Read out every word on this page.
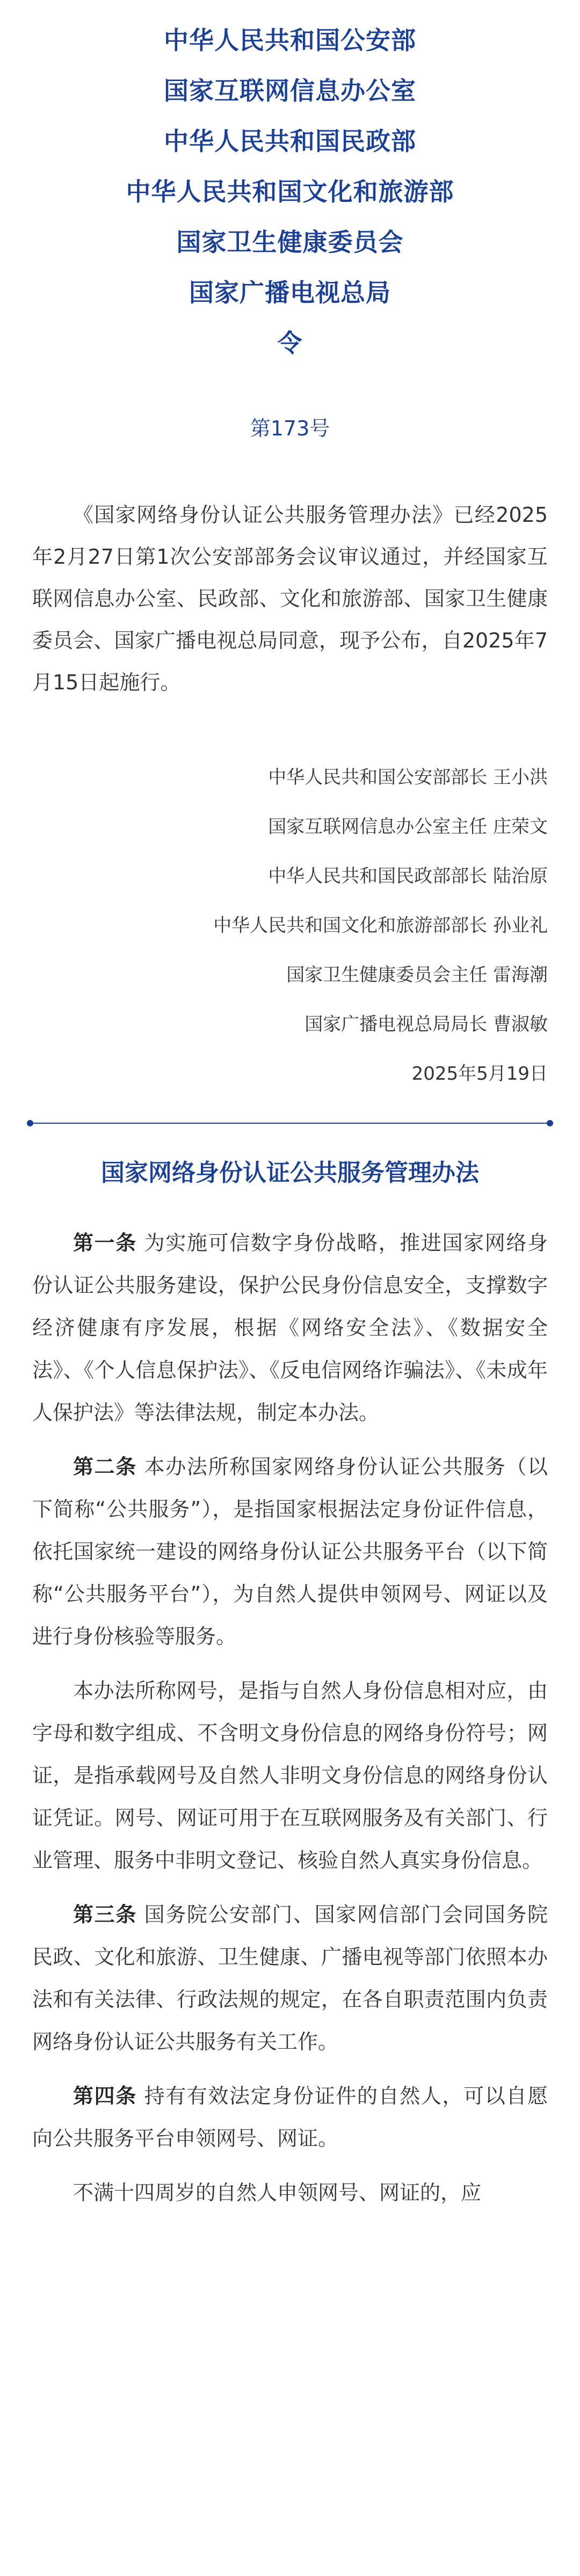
中华人民共和国公安部
国家互联网信息办公室
中华人民共和国民政部
中华人民共和国文化和旅游部
国家卫生健康委员会
国家广播电视总局
令
第173号

《国家网络身份认证公共服务管理办法》已经2025年2月27日第1次公安部部务会议审议通过，并经国家互联网信息办公室、民政部、文化和旅游部、国家卫生健康委员会、国家广播电视总局同意，现予公布，自2025年7月15日起施行。

中华人民共和国公安部部长 王小洪
国家互联网信息办公室主任 庄荣文
中华人民共和国民政部部长 陆治原
中华人民共和国文化和旅游部部长 孙业礼
国家卫生健康委员会主任 雷海潮
国家广播电视总局局长 曹淑敏
2025年5月19日
国家网络身份认证公共服务管理办法

第一条 为实施可信数字身份战略，推进国家网络身份认证公共服务建设，保护公民身份信息安全，支撑数字经济健康有序发展，根据《网络安全法》、《数据安全法》、《个人信息保护法》、《反电信网络诈骗法》、《未成年人保护法》等法律法规，制定本办法。

第二条 本办法所称国家网络身份认证公共服务（以下简称“公共服务”），是指国家根据法定身份证件信息，依托国家统一建设的网络身份认证公共服务平台（以下简称“公共服务平台”），为自然人提供申领网号、网证以及进行身份核验等服务。

本办法所称网号，是指与自然人身份信息相对应，由字母和数字组成、不含明文身份信息的网络身份符号；网证，是指承载网号及自然人非明文身份信息的网络身份认证凭证。网号、网证可用于在互联网服务及有关部门、行业管理、服务中非明文登记、核验自然人真实身份信息。

第三条 国务院公安部门、国家网信部门会同国务院民政、文化和旅游、卫生健康、广播电视等部门依照本办法和有关法律、行政法规的规定，在各自职责范围内负责网络身份认证公共服务有关工作。

第四条 持有有效法定身份证件的自然人，可以自愿向公共服务平台申领网号、网证。

不满十四周岁的自然人申领网号、网证的，应
